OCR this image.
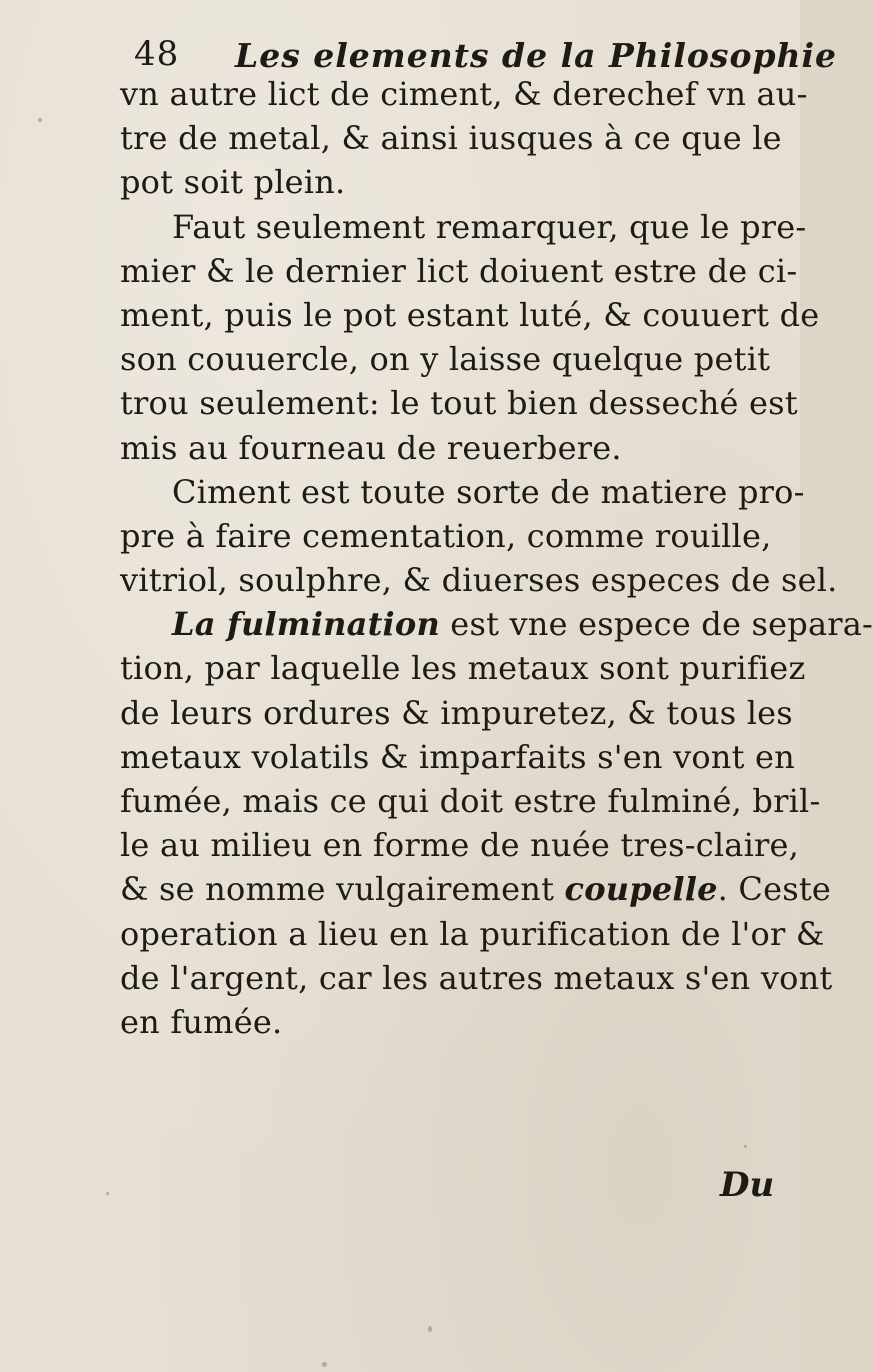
48 Les elements de la Philosophie
vn autre lict de ciment, & derechef vn au-
tre de metal, & ainsi iusques à ce que le
pot soit plein.
Faut seulement remarquer, que le pre-
mier & le dernier lict doiuent estre de ci-
ment, puis le pot estant luté, & couuert de
son couuercle, on y laisse quelque petit
trou seulement: le tout bien desseché est
mis au fourneau de reuerbere.
Ciment est toute sorte de matiere pro-
pre à faire cementation, comme rouille,
vitriol, soulphre, & diuerses especes de sel.
La fulmination est vne espece de separa-
tion, par laquelle les metaux sont purifiez
de leurs ordures & impuretez, & tous les
metaux volatils & imparfaits s'en vont en
fumée, mais ce qui doit estre fulminé, bril-
le au milieu en forme de nuée tres-claire,
& se nomme vulgairement coupelle. Ceste
operation a lieu en la purification de l'or &
de l'argent, car les autres metaux s'en vont
en fumée.
Du
